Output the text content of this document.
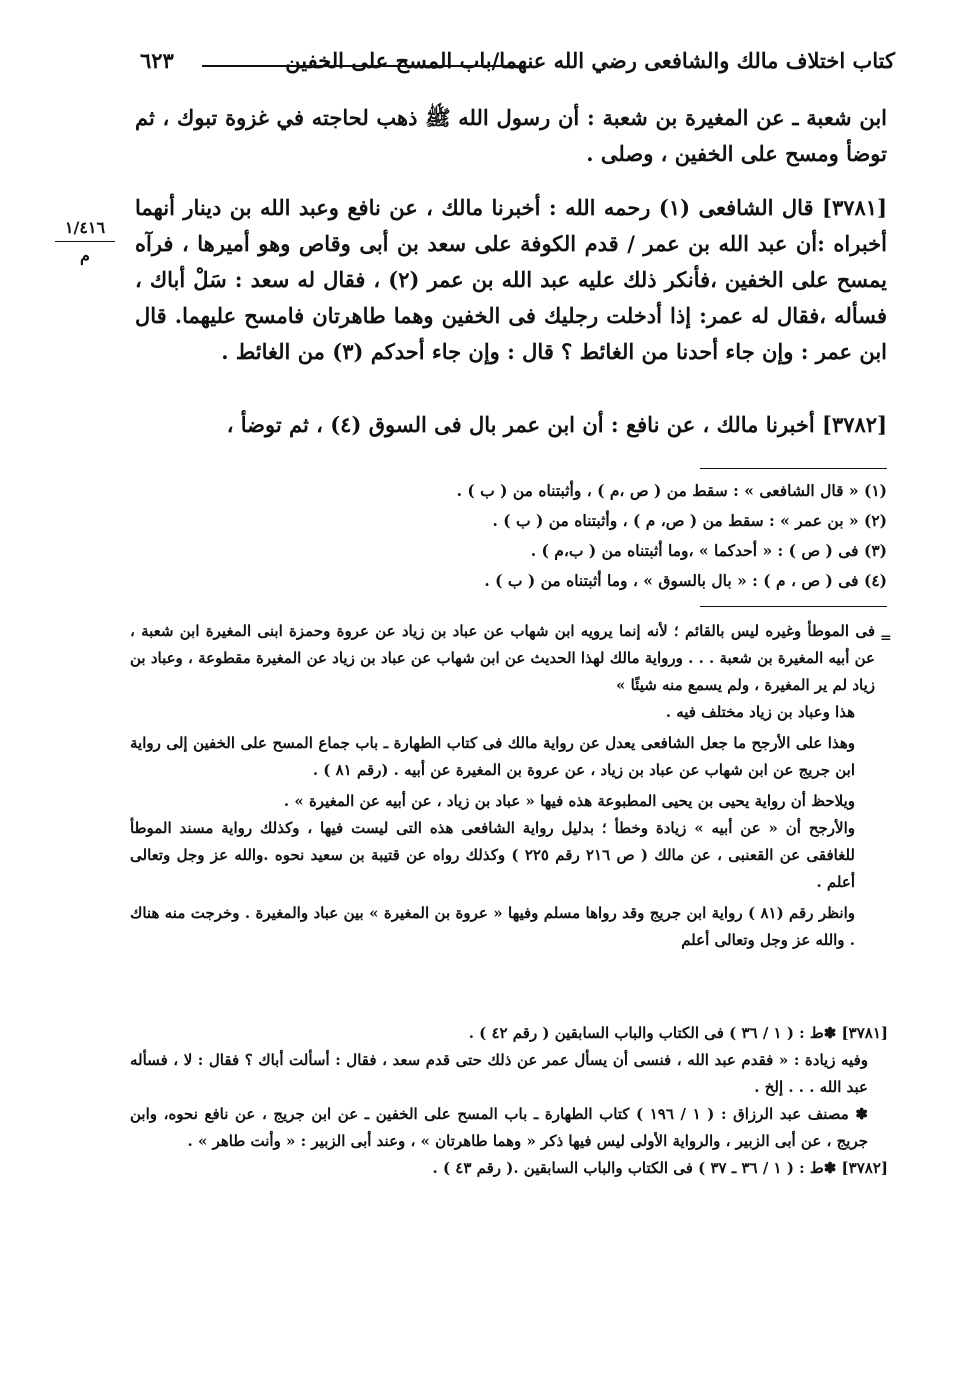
كتاب اختلاف مالك والشافعى رضي الله عنهما/باب المسح على الخفين
٦٢٣
١/٤١٦
م

ابن شعبة ـ عن المغيرة بن شعبة : أن رسول الله ﷺ ذهب لحاجته في غزوة تبوك ، ثم توضأ ومسح على الخفين ، وصلى .

[٣٧٨١] قال الشافعى (١) رحمه الله : أخبرنا مالك ، عن نافع وعبد الله بن دينار أنهما أخبراه :أن عبد الله بن عمر / قدم الكوفة على سعد بن أبى وقاص وهو أميرها ، فرآه يمسح على الخفين ،فأنكر ذلك عليه عبد الله بن عمر (٢) ، فقال له سعد : سَلْ أباك ، فسأله ،فقال له عمر: إذا أدخلت رجليك فى الخفين وهما طاهرتان فامسح عليهما. قال ابن عمر : وإن جاء أحدنا من الغائط ؟ قال : وإن جاء أحدكم (٣) من الغائط .

[٣٧٨٢] أخبرنا مالك ، عن نافع : أن ابن عمر بال فى السوق (٤) ، ثم توضأ ،

(١) « قال الشافعى » : سقط من ( ص ،م ) ، وأثبتناه من ( ب ) .
(٢) « بن عمر » : سقط من ( ص، م ) ، وأثبتناه من ( ب ) .
(٣) فى ( ص ) : « أحدكما » ،وما أثبتناه من ( ب،م ) .
(٤) فى ( ص ، م ) : « بال بالسوق » ، وما أثبتناه من ( ب ) .
=

فى الموطأ وغيره ليس بالقائم ؛ لأنه إنما يرويه ابن شهاب عن عباد بن زياد عن عروة وحمزة ابنى المغيرة ابن شعبة ، عن أبيه المغيرة بن شعبة . . . ورواية مالك لهذا الحديث عن ابن شهاب عن عباد بن زياد عن المغيرة مقطوعة ، وعباد بن زياد لم ير المغيرة ، ولم يسمع منه شيئًا »

هذا وعباد بن زياد مختلف فيه .

وهذا على الأرجح ما جعل الشافعى يعدل عن رواية مالك فى كتاب الطهارة ـ باب جماع المسح على الخفين إلى رواية ابن جريج عن ابن شهاب عن عباد بن زياد ، عن عروة بن المغيرة عن أبيه . (رقم ٨١ ) .

ويلاحظ أن رواية يحيى بن يحيى المطبوعة هذه فيها « عباد بن زياد ، عن أبيه عن المغيرة » .

والأرجح أن « عن أبيه » زيادة وخطأ ؛ بدليل رواية الشافعى هذه التى ليست فيها ، وكذلك رواية مسند الموطأ للغافقى عن القعنبى ، عن مالك ( ص ٢١٦ رقم ٢٢٥ ) وكذلك رواه عن قتيبة بن سعيد نحوه .والله عز وجل وتعالى أعلم .

وانظر رقم (٨١ ) رواية ابن جريج وقد رواها مسلم وفيها « عروة بن المغيرة » بين عباد والمغيرة . وخرجت منه هناك . والله عز وجل وتعالى أعلم

[٣٧٨١] ✽ط : ( ١ / ٣٦ ) فى الكتاب والباب السابقين ( رقم ٤٢ ) .

وفيه زيادة : « فقدم عبد الله ، فنسى أن يسأل عمر عن ذلك حتى قدم سعد ، فقال : أسألت أباك ؟ فقال : لا ، فسأله عبد الله . . . إلخ .

✽ مصنف عبد الرزاق : ( ١ / ١٩٦ ) كتاب الطهارة ـ باب المسح على الخفين ـ عن ابن جريج ، عن نافع نحوه، وابن جريج ، عن أبى الزبير ، والرواية الأولى ليس فيها ذكر « وهما طاهرتان » ، وعند أبى الزبير : « وأنت طاهر » .

[٣٧٨٢] ✽ط : ( ١ / ٣٦ ـ ٣٧ ) فى الكتاب والباب السابقين .( رقم ٤٣ ) .
